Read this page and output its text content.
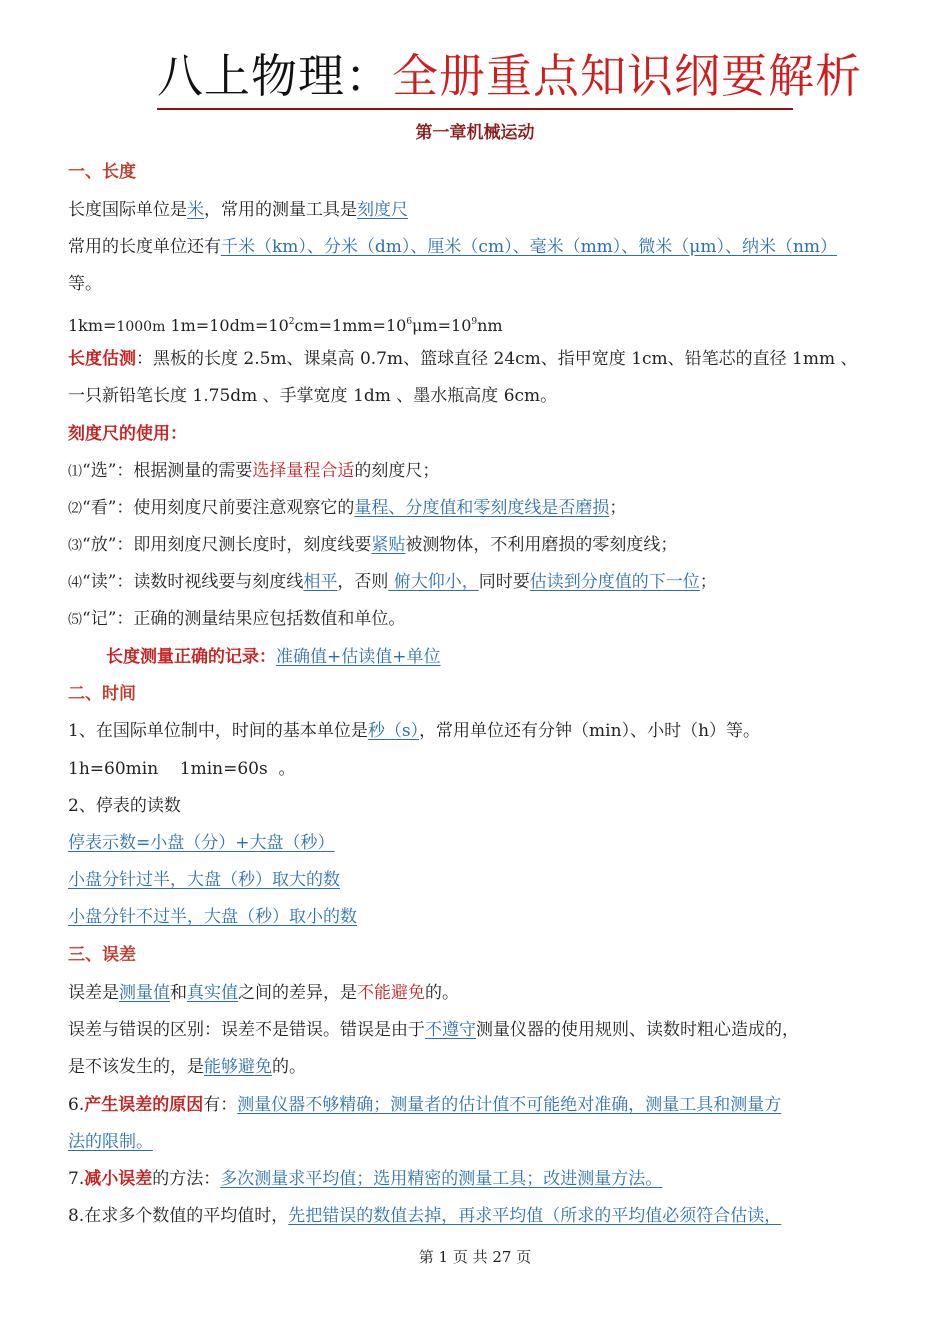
八上物理：全册重点知识纲要解析
第一章机械运动
一、长度
长度国际单位是米，常用的测量工具是刻度尺
常用的长度单位还有千米（km）、分米（dm）、厘米（cm）、毫米（mm）、微米（μm）、纳米（nm）
等。
1km=1000m $1m=10dm=10^2cm=1mm=10^6\mu m=10^9nm$
长度估测：黑板的长度 2.5m、课桌高 0.7m、篮球直径 24cm、指甲宽度 1cm、铅笔芯的直径 1mm 、
一只新铅笔长度 1.75dm 、手掌宽度 1dm 、墨水瓶高度 6cm。
刻度尺的使用：
⑴“选”：根据测量的需要选择量程合适的刻度尺；
⑵“看”：使用刻度尺前要注意观察它的量程、分度值和零刻度线是否磨损；
⑶“放”：即用刻度尺测长度时，刻度线要紧贴被测物体，不利用磨损的零刻度线；
⑷“读”：读数时视线要与刻度线相平，否则 俯大仰小，同时要估读到分度值的下一位；
⑸“记”：正确的测量结果应包括数值和单位。
长度测量正确的记录：准确值+估读值+单位
二、时间
1、在国际单位制中，时间的基本单位是秒（s），常用单位还有分钟（min）、小时（h）等。
1h=60min    1min=60s  。
2、停表的读数
停表示数=小盘（分）+大盘（秒）
小盘分针过半，大盘（秒）取大的数
小盘分针不过半，大盘（秒）取小的数
三、误差
误差是测量值和真实值之间的差异，是不能避免的。
误差与错误的区别：误差不是错误。错误是由于不遵守测量仪器的使用规则、读数时粗心造成的，
是不该发生的，是能够避免的。
6.产生误差的原因有：测量仪器不够精确；测量者的估计值不可能绝对准确，测量工具和测量方
法的限制。
7.减小误差的方法：多次测量求平均值；选用精密的测量工具；改进测量方法。
8.在求多个数值的平均值时，先把错误的数值去掉，再求平均值（所求的平均值必须符合估读，
第 1 页 共 27 页
